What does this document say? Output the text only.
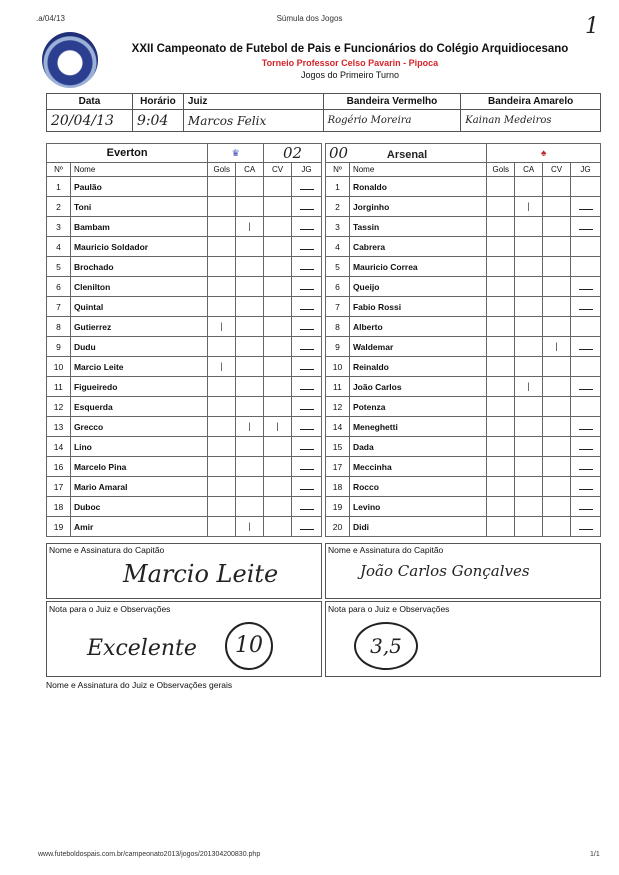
.a/04/13	Súmula dos Jogos	1
XXII Campeonato de Futebol de Pais e Funcionários do Colégio Arquidiocesano
Torneio Professor Celso Pavarin - Pipoca
Jogos do Primeiro Turno
Data	Horário	Juiz	Bandeira Vermelho	Bandeira Amarelo
20/04/13	9:04	Marcos Felix	Rogério Moreira	Kainan Medeiros
Everton		♛		02	
Nº	Nome	Gols	CA	CV	JG
1	Paulão				
2	Toni				
3	Bambam		|		
4	Mauricio Soldador				
5	Brochado				
6	Clenilton				
7	Quintal				
8	Gutierrez	|			
9	Dudu				
10	Marcio Leite	|			
11	Figueiredo				
12	Esquerda				
13	Grecco		|	|	
14	Lino				
16	Marcelo Pina				
17	Mario Amaral				
18	Duboc				
19	Amir		|		
00 Arsenal		♠			
Nº	Nome	Gols	CA	CV	JG
1	Ronaldo				
2	Jorginho		|		
3	Tassin				
4	Cabrera				
5	Mauricio Correa				
6	Queijo				
7	Fabio Rossi				
8	Alberto				
9	Waldemar			|	
10	Reinaldo				
11	João Carlos		|		
12	Potenza				
14	Meneghetti				
15	Dada				
17	Meccinha				
18	Rocco				
19	Levino				
20	Didi				
Nome e Assinatura do Capitão
Marcio Leite
Nome e Assinatura do Capitão
João Carlos Gonçalves
Nota para o Juiz e Observações
Excelente	10
Nota para o Juiz e Observações
3,5
Nome e Assinatura do Juiz e Observações gerais
www.futeboldospais.com.br/campeonato2013/jogos/201304200830.php	1/1
